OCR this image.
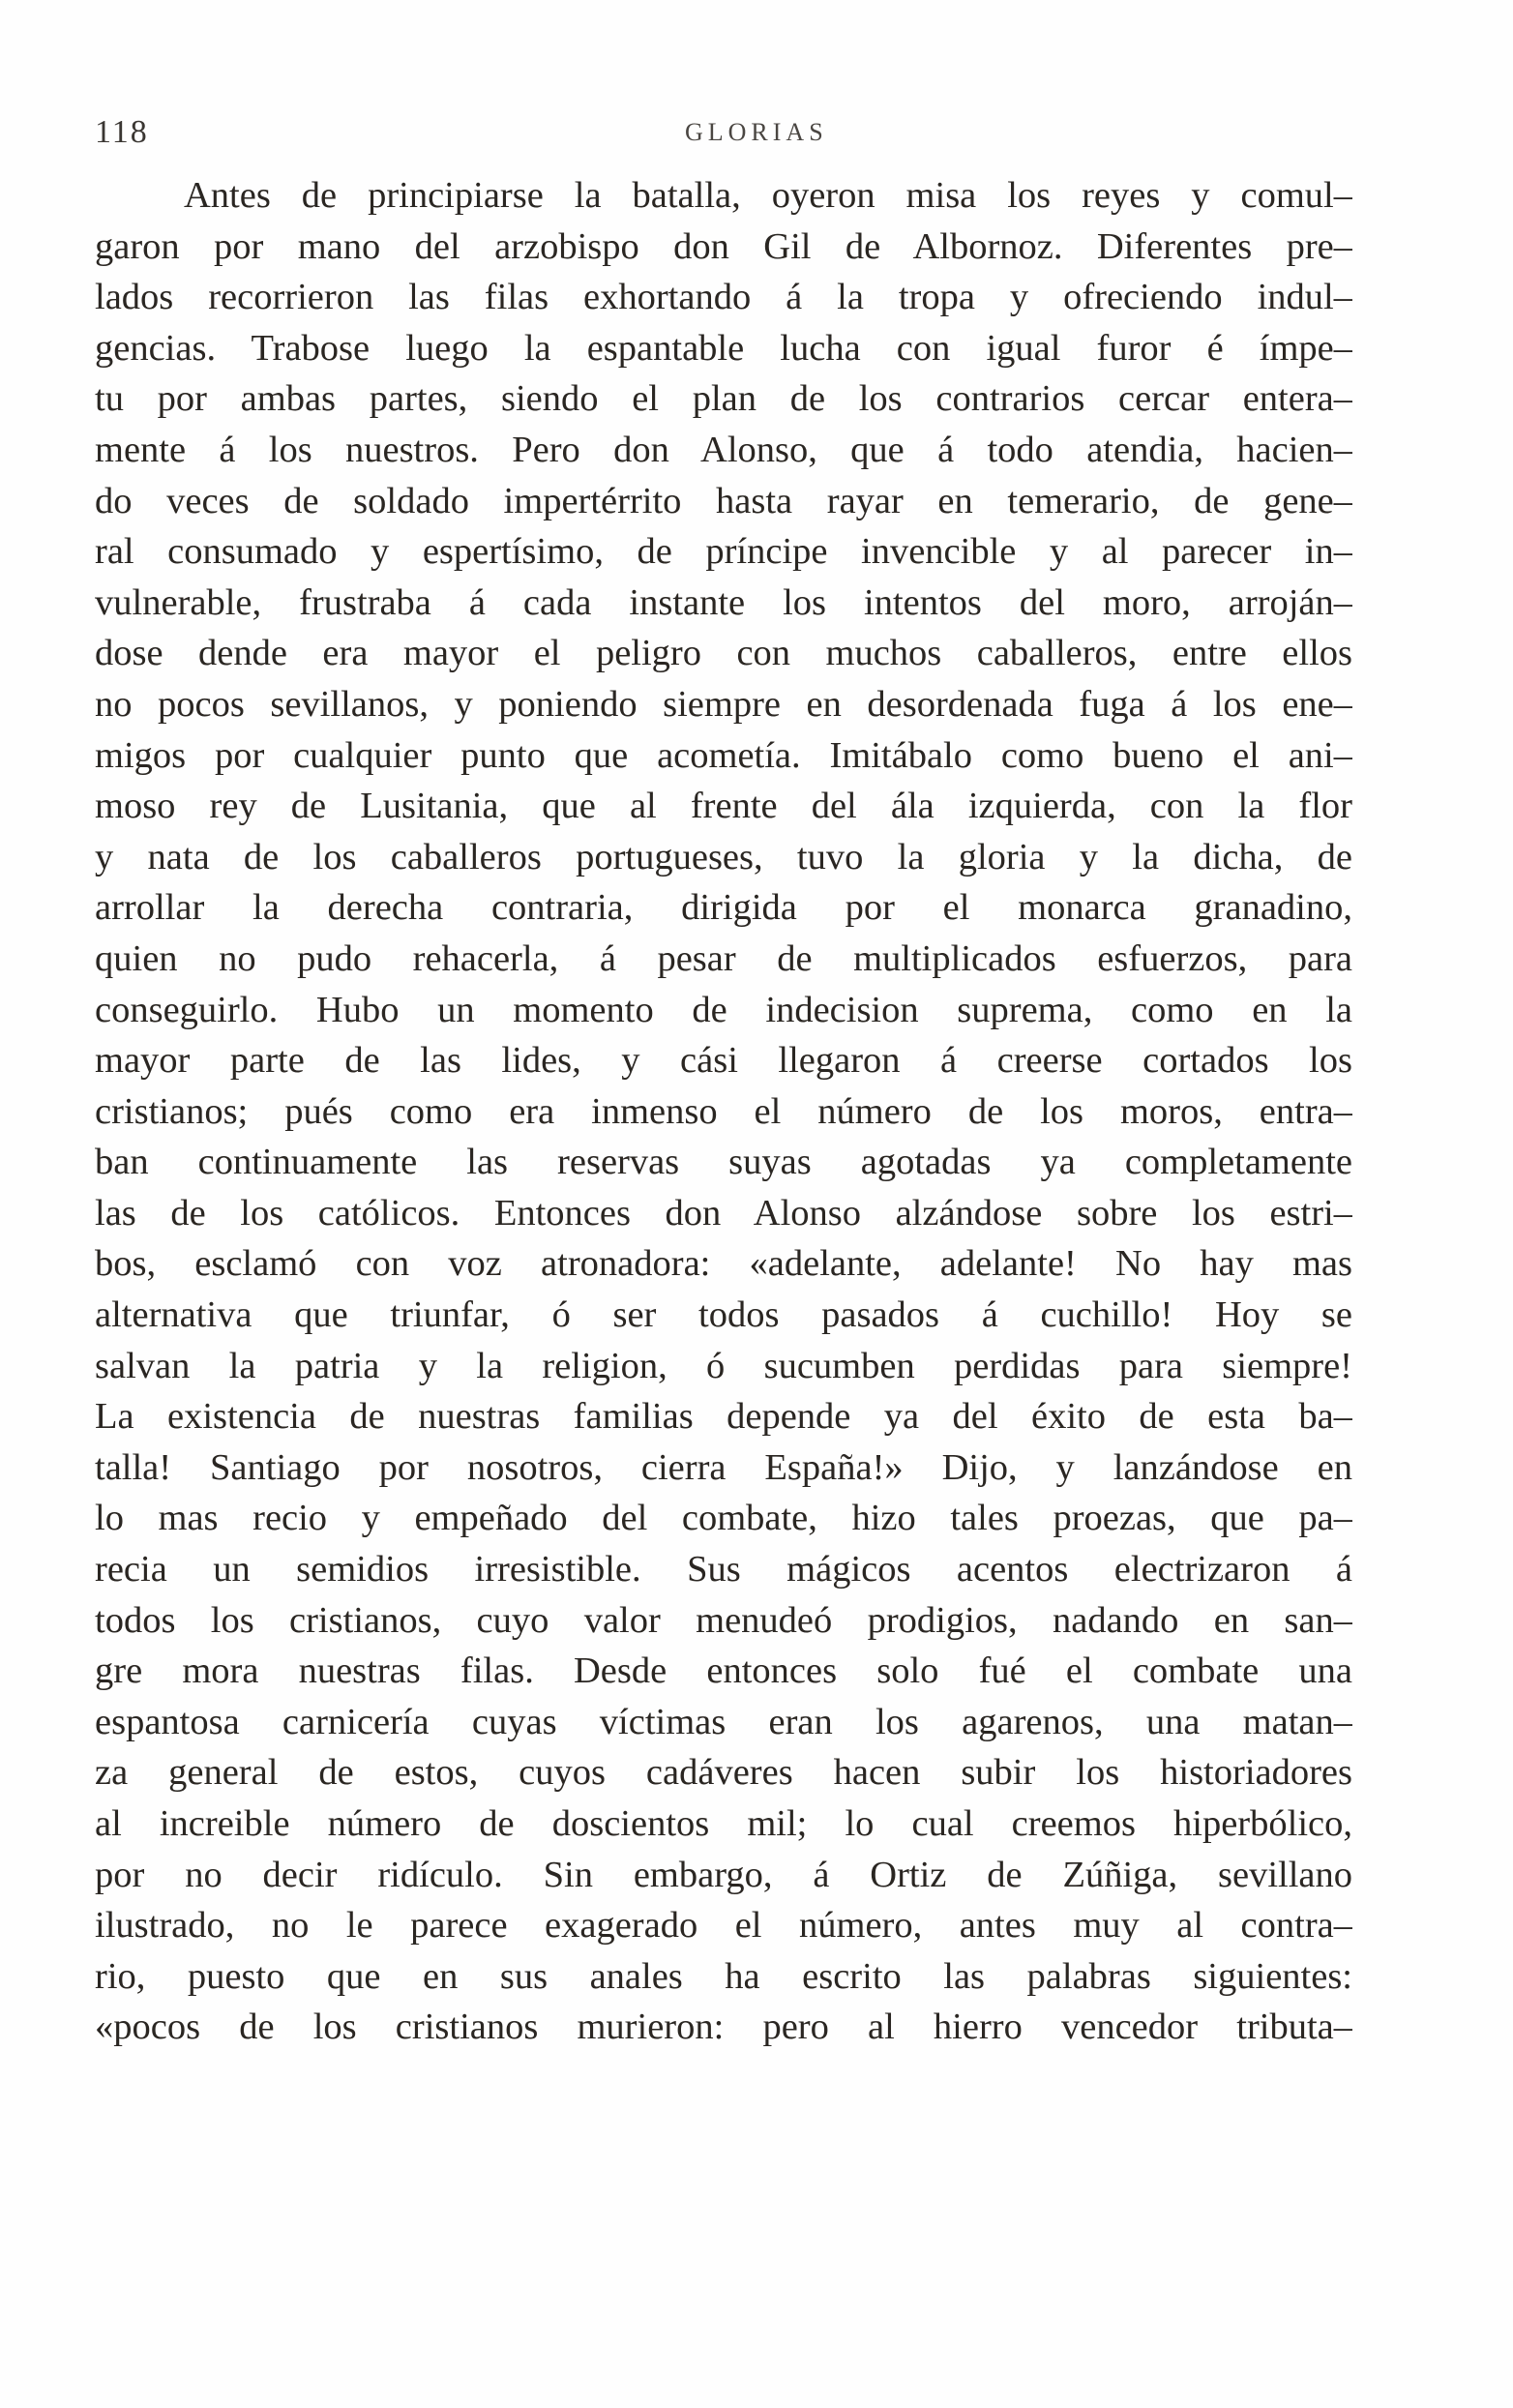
118	GLORIAS
Antes de principiarse la batalla, oyeron misa los reyes y comul–
garon por mano del arzobispo don Gil de Albornoz. Diferentes pre–
lados recorrieron las filas exhortando á la tropa y ofreciendo indul–
gencias. Trabose luego la espantable lucha con igual furor é ímpe–
tu por ambas partes, siendo el plan de los contrarios cercar entera–
mente á los nuestros. Pero don Alonso, que á todo atendia, hacien–
do veces de soldado impertérrito hasta rayar en temerario, de gene–
ral consumado y espertísimo, de príncipe invencible y al parecer in–
vulnerable, frustraba á cada instante los intentos del moro, arroján–
dose dende era mayor el peligro con muchos caballeros, entre ellos
no pocos sevillanos, y poniendo siempre en desordenada fuga á los ene–
migos por cualquier punto que acometía. Imitábalo como bueno el ani–
moso rey de Lusitania, que al frente del ála izquierda, con la flor
y nata de los caballeros portugueses, tuvo la gloria y la dicha, de
arrollar la derecha contraria, dirigida por el monarca granadino,
quien no pudo rehacerla, á pesar de multiplicados esfuerzos, para
conseguirlo. Hubo un momento de indecision suprema, como en la
mayor parte de las lides, y cási llegaron á creerse cortados los
cristianos; pués como era inmenso el número de los moros, entra–
ban continuamente las reservas suyas agotadas ya completamente
las de los católicos. Entonces don Alonso alzándose sobre los estri–
bos, esclamó con voz atronadora: «adelante, adelante! No hay mas
alternativa que triunfar, ó ser todos pasados á cuchillo! Hoy se
salvan la patria y la religion, ó sucumben perdidas para siempre!
La existencia de nuestras familias depende ya del éxito de esta ba–
talla! Santiago por nosotros, cierra España!» Dijo, y lanzándose en
lo mas recio y empeñado del combate, hizo tales proezas, que pa–
recia un semidios irresistible. Sus mágicos acentos electrizaron á
todos los cristianos, cuyo valor menudeó prodigios, nadando en san–
gre mora nuestras filas. Desde entonces solo fué el combate una
espantosa carnicería cuyas víctimas eran los agarenos, una matan–
za general de estos, cuyos cadáveres hacen subir los historiadores
al increible número de doscientos mil; lo cual creemos hiperbólico,
por no decir ridículo. Sin embargo, á Ortiz de Zúñiga, sevillano
ilustrado, no le parece exagerado el número, antes muy al contra–
rio, puesto que en sus anales ha escrito las palabras siguientes:
«pocos de los cristianos murieron: pero al hierro vencedor tributa–
